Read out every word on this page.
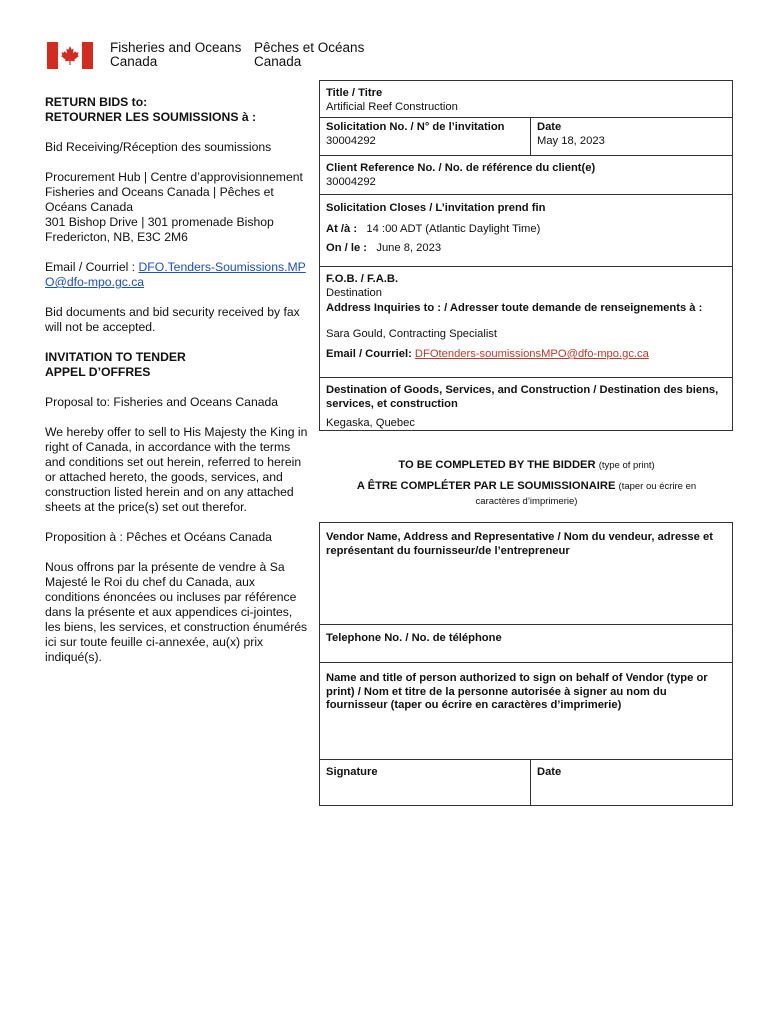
Fisheries and Oceans
Canada
Pêches et Océans
Canada

RETURN BIDS to:
RETOURNER LES SOUMISSIONS à :

Bid Receiving/Réception des soumissions

Procurement Hub | Centre d’approvisionnement
Fisheries and Oceans Canada | Pêches et Océans Canada
301 Bishop Drive | 301 promenade Bishop
Fredericton, NB, E3C 2M6

Email / Courriel : DFO.Tenders-Soumissions.MPO@dfo-mpo.gc.ca

Bid documents and bid security received by fax will not be accepted.

INVITATION TO TENDER
APPEL D’OFFRES

Proposal to: Fisheries and Oceans Canada

We hereby offer to sell to His Majesty the King in right of Canada, in accordance with the terms and conditions set out herein, referred to herein or attached hereto, the goods, services, and construction listed herein and on any attached sheets at the price(s) set out therefor.

Proposition à : Pêches et Océans Canada

Nous offrons par la présente de vendre à Sa Majesté le Roi du chef du Canada, aux conditions énoncées ou incluses par référence dans la présente et aux appendices ci-jointes, les biens, les services, et construction énumérés ici sur toute feuille ci-annexée, au(x) prix indiqué(s).

Title / Titre
Artificial Reef Construction
Solicitation No. / N° de l’invitation
30004292
Date
May 18, 2023
Client Reference No. / No. de référence du client(e)
30004292
Solicitation Closes / L’invitation prend fin
At /à : 14 :00 ADT (Atlantic Daylight Time)
On / le : June 8, 2023
F.O.B. / F.A.B.
Destination
Address Inquiries to : / Adresser toute demande de renseignements à :
Sara Gould, Contracting Specialist
Email / Courriel: DFOtenders-soumissionsMPO@dfo-mpo.gc.ca
Destination of Goods, Services, and Construction / Destination des biens, services, et construction
Kegaska, Quebec
TO BE COMPLETED BY THE BIDDER (type of print)
A ÊTRE COMPLÉTER PAR LE SOUMISSIONAIRE (taper ou écrire en caractères d’imprimerie)
Vendor Name, Address and Representative / Nom du vendeur, adresse et représentant du fournisseur/de l’entrepreneur
Telephone No. / No. de téléphone
Name and title of person authorized to sign on behalf of Vendor (type or print) / Nom et titre de la personne autorisée à signer au nom du fournisseur (taper ou écrire en caractères d’imprimerie)
Signature	Date
